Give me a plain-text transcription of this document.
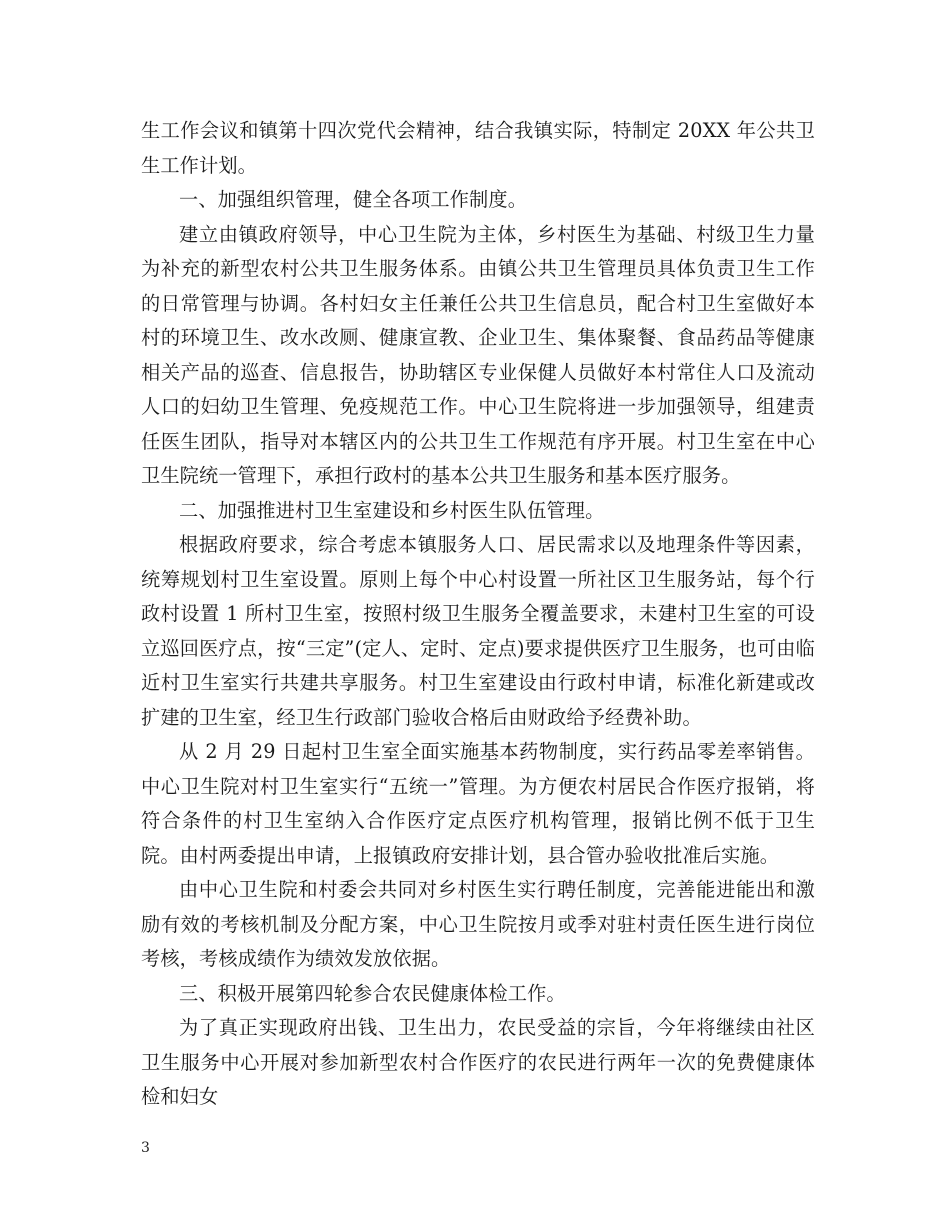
生工作会议和镇第十四次党代会精神，结合我镇实际，特制定 20XX 年公共卫生工作计划。

一、加强组织管理，健全各项工作制度。

建立由镇政府领导，中心卫生院为主体，乡村医生为基础、村级卫生力量为补充的新型农村公共卫生服务体系。由镇公共卫生管理员具体负责卫生工作的日常管理与协调。各村妇女主任兼任公共卫生信息员，配合村卫生室做好本村的环境卫生、改水改厕、健康宣教、企业卫生、集体聚餐、食品药品等健康相关产品的巡查、信息报告，协助辖区专业保健人员做好本村常住人口及流动人口的妇幼卫生管理、免疫规范工作。中心卫生院将进一步加强领导，组建责任医生团队，指导对本辖区内的公共卫生工作规范有序开展。村卫生室在中心卫生院统一管理下，承担行政村的基本公共卫生服务和基本医疗服务。

二、加强推进村卫生室建设和乡村医生队伍管理。

根据政府要求，综合考虑本镇服务人口、居民需求以及地理条件等因素，统筹规划村卫生室设置。原则上每个中心村设置一所社区卫生服务站，每个行政村设置 1 所村卫生室，按照村级卫生服务全覆盖要求，未建村卫生室的可设立巡回医疗点，按“三定”(定人、定时、定点)要求提供医疗卫生服务，也可由临近村卫生室实行共建共享服务。村卫生室建设由行政村申请，标准化新建或改扩建的卫生室，经卫生行政部门验收合格后由财政给予经费补助。

从 2 月 29 日起村卫生室全面实施基本药物制度，实行药品零差率销售。中心卫生院对村卫生室实行“五统一”管理。为方便农村居民合作医疗报销，将符合条件的村卫生室纳入合作医疗定点医疗机构管理，报销比例不低于卫生院。由村两委提出申请，上报镇政府安排计划，县合管办验收批准后实施。

由中心卫生院和村委会共同对乡村医生实行聘任制度，完善能进能出和激励有效的考核机制及分配方案，中心卫生院按月或季对驻村责任医生进行岗位考核，考核成绩作为绩效发放依据。

三、积极开展第四轮参合农民健康体检工作。

为了真正实现政府出钱、卫生出力，农民受益的宗旨，今年将继续由社区卫生服务中心开展对参加新型农村合作医疗的农民进行两年一次的免费健康体检和妇女

3
